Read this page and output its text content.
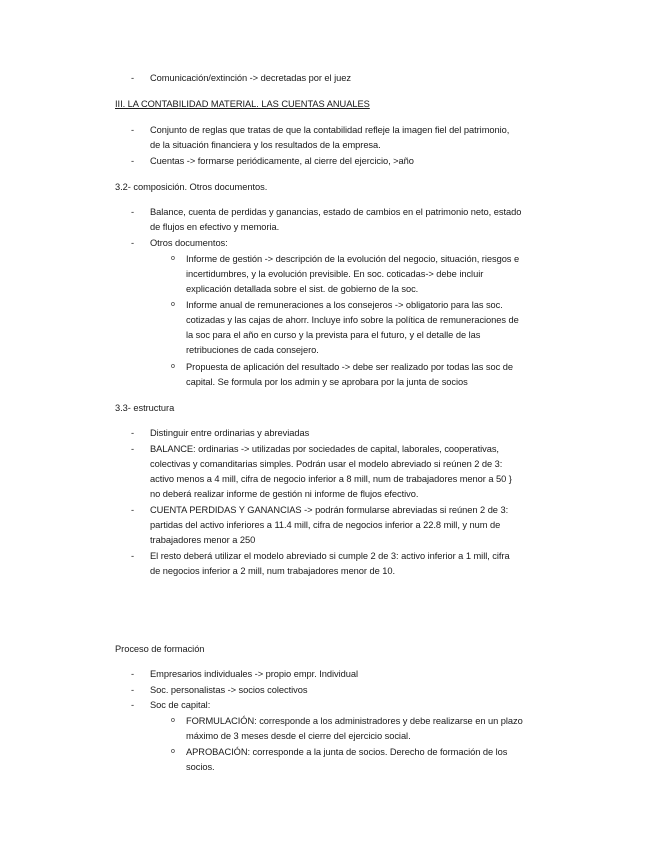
- Comunicación/extinción -> decretadas por el juez
III. LA CONTABILIDAD MATERIAL. LAS CUENTAS ANUALES
- Conjunto de reglas que tratas de que la contabilidad refleje la imagen fiel del patrimonio,
de la situación financiera y los resultados de la empresa.
- Cuentas -> formarse periódicamente, al cierre del ejercicio, >año
3.2- composición. Otros documentos.
- Balance, cuenta de perdidas y ganancias, estado de cambios en el patrimonio neto, estado
de flujos en efectivo y memoria.
- Otros documentos:
o Informe de gestión -> descripción de la evolución del negocio, situación, riesgos e
incertidumbres, y la evolución previsible. En soc. coticadas-> debe incluir
explicación detallada sobre el sist. de gobierno de la soc.
o Informe anual de remuneraciones a los consejeros -> obligatorio para las soc.
cotizadas y las cajas de ahorr. Incluye info sobre la política de remuneraciones de
la soc para el año en curso y la prevista para el futuro, y el detalle de las
retribuciones de cada consejero.
o Propuesta de aplicación del resultado -> debe ser realizado por todas las soc de
capital. Se formula por los admin y se aprobara por la junta de socios
3.3- estructura
- Distinguir entre ordinarias y abreviadas
- BALANCE: ordinarias -> utilizadas por sociedades de capital, laborales, cooperativas,
colectivas y comanditarias simples. Podrán usar el modelo abreviado si reúnen 2 de 3:
activo menos a 4 mill, cifra de negocio inferior a 8 mill, num de trabajadores menor a 50 }
no deberá realizar informe de gestión ni informe de flujos efectivo.
- CUENTA PERDIDAS Y GANANCIAS -> podrán formularse abreviadas si reúnen 2 de 3:
partidas del activo inferiores a 11.4 mill, cifra de negocios inferior a 22.8 mill, y num de
trabajadores menor a 250
- El resto deberá utilizar el modelo abreviado si cumple 2 de 3: activo inferior a 1 mill, cifra
de negocios inferior a 2 mill, num trabajadores menor de 10.
Proceso de formación
- Empresarios individuales -> propio empr. Individual
- Soc. personalistas -> socios colectivos
- Soc de capital:
o FORMULACIÓN: corresponde a los administradores y debe realizarse en un plazo
máximo de 3 meses desde el cierre del ejercicio social.
o APROBACIÓN: corresponde a la junta de socios. Derecho de formación de los
socios.
